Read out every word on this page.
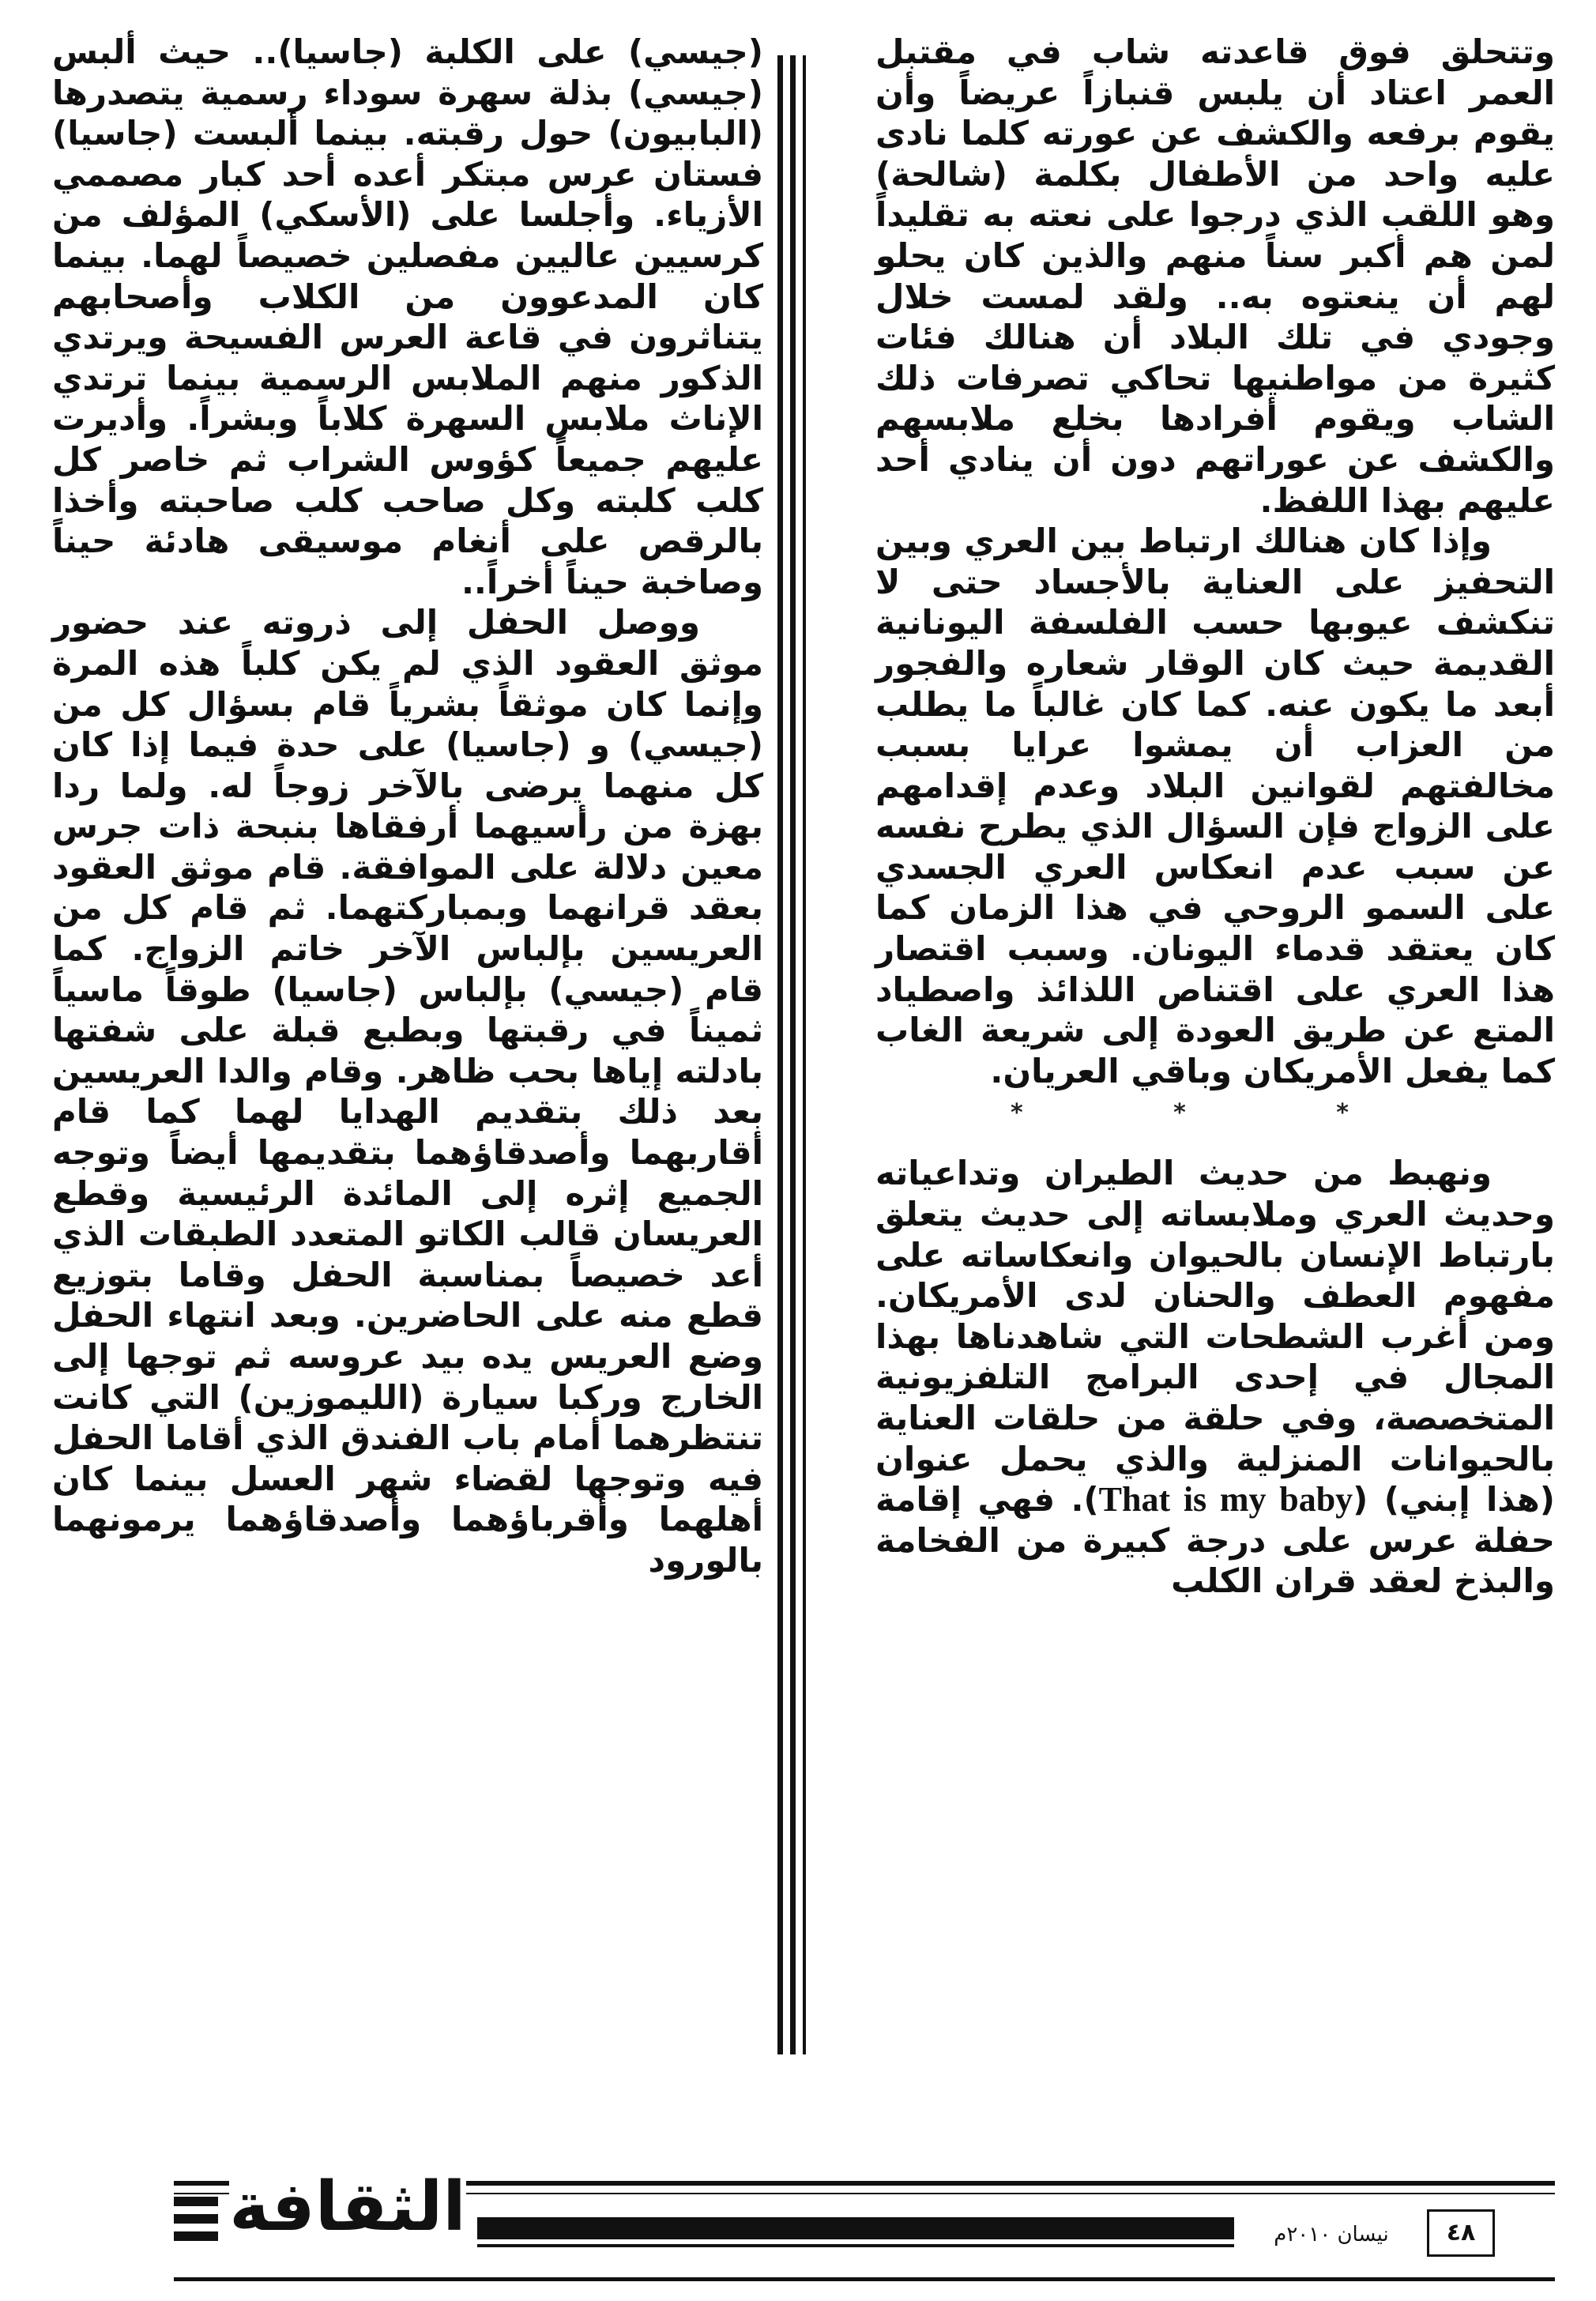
وتتحلق فوق قاعدته شاب في مقتبل العمر اعتاد أن يلبس قنبازاً عريضاً وأن يقوم برفعه والكشف عن عورته كلما نادى عليه واحد من الأطفال بكلمة (شالحة) وهو اللقب الذي درجوا على نعته به تقليداً لمن هم أكبر سناً منهم والذين كان يحلو لهم أن ينعتوه به.. ولقد لمست خلال وجودي في تلك البلاد أن هنالك فئات كثيرة من مواطنيها تحاكي تصرفات ذلك الشاب ويقوم أفرادها بخلع ملابسهم والكشف عن عوراتهم دون أن ينادي أحد عليهم بهذا اللفظ.

وإذا كان هنالك ارتباط بين العري وبين التحفيز على العناية بالأجساد حتى لا تنكشف عيوبها حسب الفلسفة اليونانية القديمة حيث كان الوقار شعاره والفجور أبعد ما يكون عنه. كما كان غالباً ما يطلب من العزاب أن يمشوا عرايا بسبب مخالفتهم لقوانين البلاد وعدم إقدامهم على الزواج فإن السؤال الذي يطرح نفسه عن سبب عدم انعكاس العري الجسدي على السمو الروحي في هذا الزمان كما كان يعتقد قدماء اليونان. وسبب اقتصار هذا العري على اقتناص اللذائذ واصطياد المتع عن طريق العودة إلى شريعة الغاب كما يفعل الأمريكان وباقي العريان.

* * *

ونهبط من حديث الطيران وتداعياته وحديث العري وملابساته إلى حديث يتعلق بارتباط الإنسان بالحيوان وانعكاساته على مفهوم العطف والحنان لدى الأمريكان. ومن أغرب الشطحات التي شاهدناها بهذا المجال في إحدى البرامج التلفزيونية المتخصصة، وفي حلقة من حلقات العناية بالحيوانات المنزلية والذي يحمل عنوان (هذا إبني) (That is my baby). فهي إقامة حفلة عرس على درجة كبيرة من الفخامة والبذخ لعقد قران الكلب

(جيسي) على الكلبة (جاسيا).. حيث ألبس (جيسي) بذلة سهرة سوداء رسمية يتصدرها (البابيون) حول رقبته. بينما ألبست (جاسيا) فستان عرس مبتكر أعده أحد كبار مصممي الأزياء. وأجلسا على (الأسكي) المؤلف من كرسيين عاليين مفصلين خصيصاً لهما. بينما كان المدعوون من الكلاب وأصحابهم يتناثرون في قاعة العرس الفسيحة ويرتدي الذكور منهم الملابس الرسمية بينما ترتدي الإناث ملابس السهرة كلاباً وبشراً. وأديرت عليهم جميعاً كؤوس الشراب ثم خاصر كل كلب كلبته وكل صاحب كلب صاحبته وأخذا بالرقص على أنغام موسيقى هادئة حيناً وصاخبة حيناً أخراً..

ووصل الحفل إلى ذروته عند حضور موثق العقود الذي لم يكن كلباً هذه المرة وإنما كان موثقاً بشرياً قام بسؤال كل من (جيسي) و (جاسيا) على حدة فيما إذا كان كل منهما يرضى بالآخر زوجاً له. ولما ردا بهزة من رأسيهما أرفقاها بنبحة ذات جرس معين دلالة على الموافقة. قام موثق العقود بعقد قرانهما وبمباركتهما. ثم قام كل من العريسين بإلباس الآخر خاتم الزواج. كما قام (جيسي) بإلباس (جاسيا) طوقاً ماسياً ثميناً في رقبتها وبطبع قبلة على شفتها بادلته إياها بحب ظاهر. وقام والدا العريسين بعد ذلك بتقديم الهدايا لهما كما قام أقاربهما وأصدقاؤهما بتقديمها أيضاً وتوجه الجميع إثره إلى المائدة الرئيسية وقطع العريسان قالب الكاتو المتعدد الطبقات الذي أعد خصيصاً بمناسبة الحفل وقاما بتوزيع قطع منه على الحاضرين. وبعد انتهاء الحفل وضع العريس يده بيد عروسه ثم توجها إلى الخارج وركبا سيارة (الليموزين) التي كانت تنتظرهما أمام باب الفندق الذي أقاما الحفل فيه وتوجها لقضاء شهر العسل بينما كان أهلهما وأقرباؤهما وأصدقاؤهما يرمونهما بالورود

الثقافة	نيسان ٢٠١٠م	٤٨
